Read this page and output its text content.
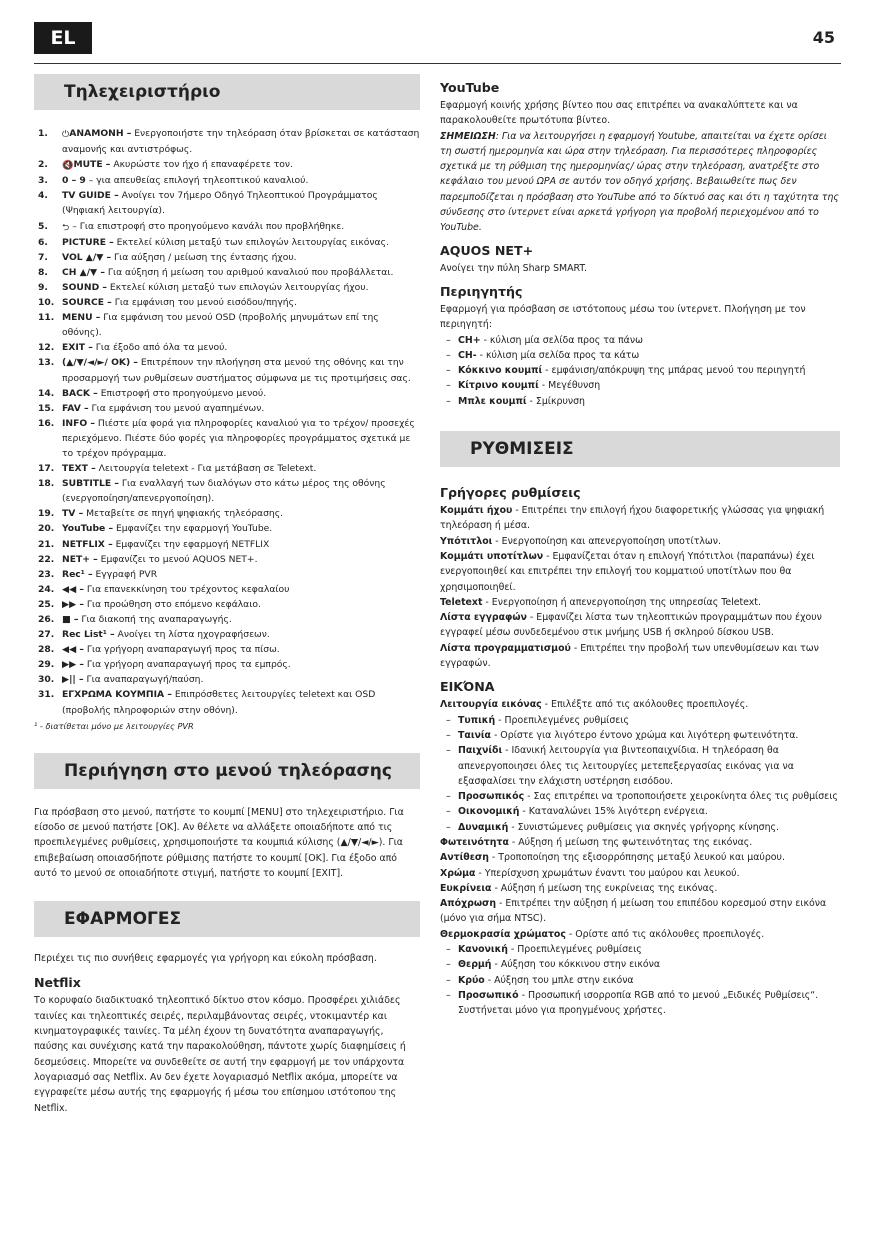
EL	45
Τηλεχειριστήριο
1. ⏻ΑΝΑΜΟΝΗ – Ενεργοποιήστε την τηλεόραση όταν βρίσκεται σε κατάσταση αναμονής και αντιστρόφως.
2. 🔇MUTE – Ακυρώστε τον ήχο ή επαναφέρετε τον.
3. 0 – 9 – για απευθείας επιλογή τηλεοπτικού καναλιού.
4. TV GUIDE – Ανοίγει τον 7ήμερο Οδηγό Τηλεοπτικού Προγράμματος (Ψηφιακή λειτουργία).
5. ⮌ – Για επιστροφή στο προηγούμενο κανάλι που προβλήθηκε.
6. PICTURE – Εκτελεί κύλιση μεταξύ των επιλογών λειτουργίας εικόνας.
7. VOL ▲/▼ – Για αύξηση / μείωση της έντασης ήχου.
8. CH ▲/▼ – Για αύξηση ή μείωση του αριθμού καναλιού που προβάλλεται.
9. SOUND – Εκτελεί κύλιση μεταξύ των επιλογών λειτουργίας ήχου.
10. SOURCE – Για εμφάνιση του μενού εισόδου/πηγής.
11. MENU – Για εμφάνιση του μενού OSD (προβολής μηνυμάτων επί της οθόνης).
12. EXIT – Για έξοδο από όλα τα μενού.
13. (▲/▼/◄/►/ OK) – Επιτρέπουν την πλοήγηση στα μενού της οθόνης και την προσαρμογή των ρυθμίσεων συστήματος σύμφωνα με τις προτιμήσεις σας.
14. BACK – Επιστροφή στο προηγούμενο μενού.
15. FAV – Για εμφάνιση του μενού αγαπημένων.
16. INFO – Πιέστε μία φορά για πληροφορίες καναλιού για το τρέχον/ προσεχές περιεχόμενο. Πιέστε δύο φορές για πληροφορίες προγράμματος σχετικά με το τρέχον πρόγραμμα.
17. TEXT – Λειτουργία teletext - Για μετάβαση σε Teletext.
18. SUBTITLE – Για εναλλαγή των διαλόγων στο κάτω μέρος της οθόνης (ενεργοποίηση/απενεργοποίηση).
19. TV – Μεταβείτε σε πηγή ψηφιακής τηλεόρασης.
20. YouTube – Εμφανίζει την εφαρμογή YouTube.
21. NETFLIX – Εμφανίζει την εφαρμογή NETFLIX
22. NET+ – Εμφανίζει το μενού AQUOS NET+.
23. Rec¹ – Εγγραφή PVR
24. ◀◀ – Για επανεκκίνηση του τρέχοντος κεφαλαίου
25. ▶▶ – Για προώθηση στο επόμενο κεφάλαιο.
26. ■ – Για διακοπή της αναπαραγωγής.
27. Rec List¹ – Ανοίγει τη λίστα ηχογραφήσεων.
28. ◀◀ – Για γρήγορη αναπαραγωγή προς τα πίσω.
29. ▶▶ – Για γρήγορη αναπαραγωγή προς τα εμπρός.
30. ▶|| – Για αναπαραγωγή/παύση.
31. ΕΓΧΡΩΜΑ ΚΟΥΜΠΙΑ – Επιπρόσθετες λειτουργίες teletext και OSD (προβολής πληροφοριών στην οθόνη).
¹ - διατίθεται μόνο με λειτουργίες PVR
Περιήγηση στο μενού τηλεόρασης

Για πρόσβαση στο μενού, πατήστε το κουμπί [MENU] στο τηλεχειριστήριο. Για είσοδο σε μενού πατήστε [OK]. Αν θέλετε να αλλάξετε οποιαδήποτε από τις προεπιλεγμένες ρυθμίσεις, χρησιμοποιήστε τα κουμπιά κύλισης (▲/▼/◄/►). Για επιβεβαίωση οποιασδήποτε ρύθμισης πατήστε το κουμπί [OK]. Για έξοδο από αυτό το μενού σε οποιαδήποτε στιγμή, πατήστε το κουμπί [EXIT].

ΕΦΑΡΜΟΓΕΣ

Περιέχει τις πιο συνήθεις εφαρμογές για γρήγορη και εύκολη πρόσβαση.

Netflix

Το κορυφαίο διαδικτυακό τηλεοπτικό δίκτυο στον κόσμο. Προσφέρει χιλιάδες ταινίες και τηλεοπτικές σειρές, περιλαμβάνοντας σειρές, ντοκιμαντέρ και κινηματογραφικές ταινίες. Τα μέλη έχουν τη δυνατότητα αναπαραγωγής, παύσης και συνέχισης κατά την παρακολούθηση, πάντοτε χωρίς διαφημίσεις ή δεσμεύσεις. Μπορείτε να συνδεθείτε σε αυτή την εφαρμογή με τον υπάρχοντα λογαριασμό σας Netflix. Αν δεν έχετε λογαριασμό Netflix ακόμα, μπορείτε να εγγραφείτε μέσω αυτής της εφαρμογής ή μέσω του επίσημου ιστότοπου της Netflix.

YouTube

Εφαρμογή κοινής χρήσης βίντεο που σας επιτρέπει να ανακαλύπτετε και να παρακολουθείτε πρωτότυπα βίντεο.

ΣΗΜΕΙΩΣΗ: Για να λειτουργήσει η εφαρμογή Youtube, απαιτείται να έχετε ορίσει τη σωστή ημερομηνία και ώρα στην τηλεόραση. Για περισσότερες πληροφορίες σχετικά με τη ρύθμιση της ημερομηνίας/ ώρας στην τηλεόραση, ανατρέξτε στο κεφάλαιο του μενού ΩΡΑ σε αυτόν τον οδηγό χρήσης. Βεβαιωθείτε πως δεν παρεμποδίζεται η πρόσβαση στο YouTube από το δίκτυό σας και ότι η ταχύτητα της σύνδεσης στο ίντερνετ είναι αρκετά γρήγορη για προβολή περιεχομένου από το YouTube.

AQUOS NET+

Ανοίγει την πύλη Sharp SMART.

Περιηγητής

Εφαρμογή για πρόσβαση σε ιστότοπους μέσω του ίντερνετ. Πλοήγηση με τον περιηγητή:

– CH+ - κύλιση μία σελίδα προς τα πάνω
– CH- - κύλιση μία σελίδα προς τα κάτω
– Κόκκινο κουμπί - εμφάνιση/απόκρυψη της μπάρας μενού του περιηγητή
– Κίτρινο κουμπί - Μεγέθυνση
– Μπλε κουμπί - Σμίκρυνση
ΡΥΘΜΙΣΕΙΣ
Γρήγορες ρυθμίσεις

Κομμάτι ήχου - Επιτρέπει την επιλογή ήχου διαφορετικής γλώσσας για ψηφιακή τηλεόραση ή μέσα.

Υπότιτλοι - Ενεργοποίηση και απενεργοποίηση υποτίτλων.

Κομμάτι υποτίτλων - Εμφανίζεται όταν η επιλογή Υπότιτλοι (παραπάνω) έχει ενεργοποιηθεί και επιτρέπει την επιλογή του κομματιού υποτίτλων που θα χρησιμοποιηθεί.

Teletext - Ενεργοποίηση ή απενεργοποίηση της υπηρεσίας Teletext.

Λίστα εγγραφών - Εμφανίζει λίστα των τηλεοπτικών προγραμμάτων που έχουν εγγραφεί μέσω συνδεδεμένου στικ μνήμης USB ή σκληρού δίσκου USB.

Λίστα προγραμματισμού - Επιτρέπει την προβολή των υπενθυμίσεων και των εγγραφών.

ΕΙΚΌΝΑ

Λειτουργία εικόνας - Επιλέξτε από τις ακόλουθες προεπιλογές.

– Τυπική - Προεπιλεγμένες ρυθμίσεις
– Ταινία - Ορίστε για λιγότερο έντονο χρώμα και λιγότερη φωτεινότητα.
– Παιχνίδι - Ιδανική λειτουργία για βιντεοπαιχνίδια. Η τηλεόραση θα απενεργοποιησει όλες τις λειτουργίες μετεπεξεργασίας εικόνας για να εξασφαλίσει την ελάχιστη υστέρηση εισόδου.
– Προσωπικός - Σας επιτρέπει να τροποποιήσετε χειροκίνητα όλες τις ρυθμίσεις
– Οικονομική - Καταναλώνει 15% λιγότερη ενέργεια.
– Δυναμική - Συνιστώμενες ρυθμίσεις για σκηνές γρήγορης κίνησης.

Φωτεινότητα - Αύξηση ή μείωση της φωτεινότητας της εικόνας.

Αντίθεση - Τροποποίηση της εξισορρόπησης μεταξύ λευκού και μαύρου.

Χρώμα - Υπερίσχυση χρωμάτων έναντι του μαύρου και λευκού.

Ευκρίνεια - Αύξηση ή μείωση της ευκρίνειας της εικόνας.

Απόχρωση - Επιτρέπει την αύξηση ή μείωση του επιπέδου κορεσμού στην εικόνα (μόνο για σήμα NTSC).

Θερμοκρασία χρώματος - Ορίστε από τις ακόλουθες προεπιλογές.

– Κανονική - Προεπιλεγμένες ρυθμίσεις
– Θερμή - Αύξηση του κόκκινου στην εικόνα
– Κρύο - Αύξηση του μπλε στην εικόνα
– Προσωπικό - Προσωπική ισορροπία RGB από το μενού „Ειδικές Ρυθμίσεις“. Συστήνεται μόνο για προηγμένους χρήστες.
